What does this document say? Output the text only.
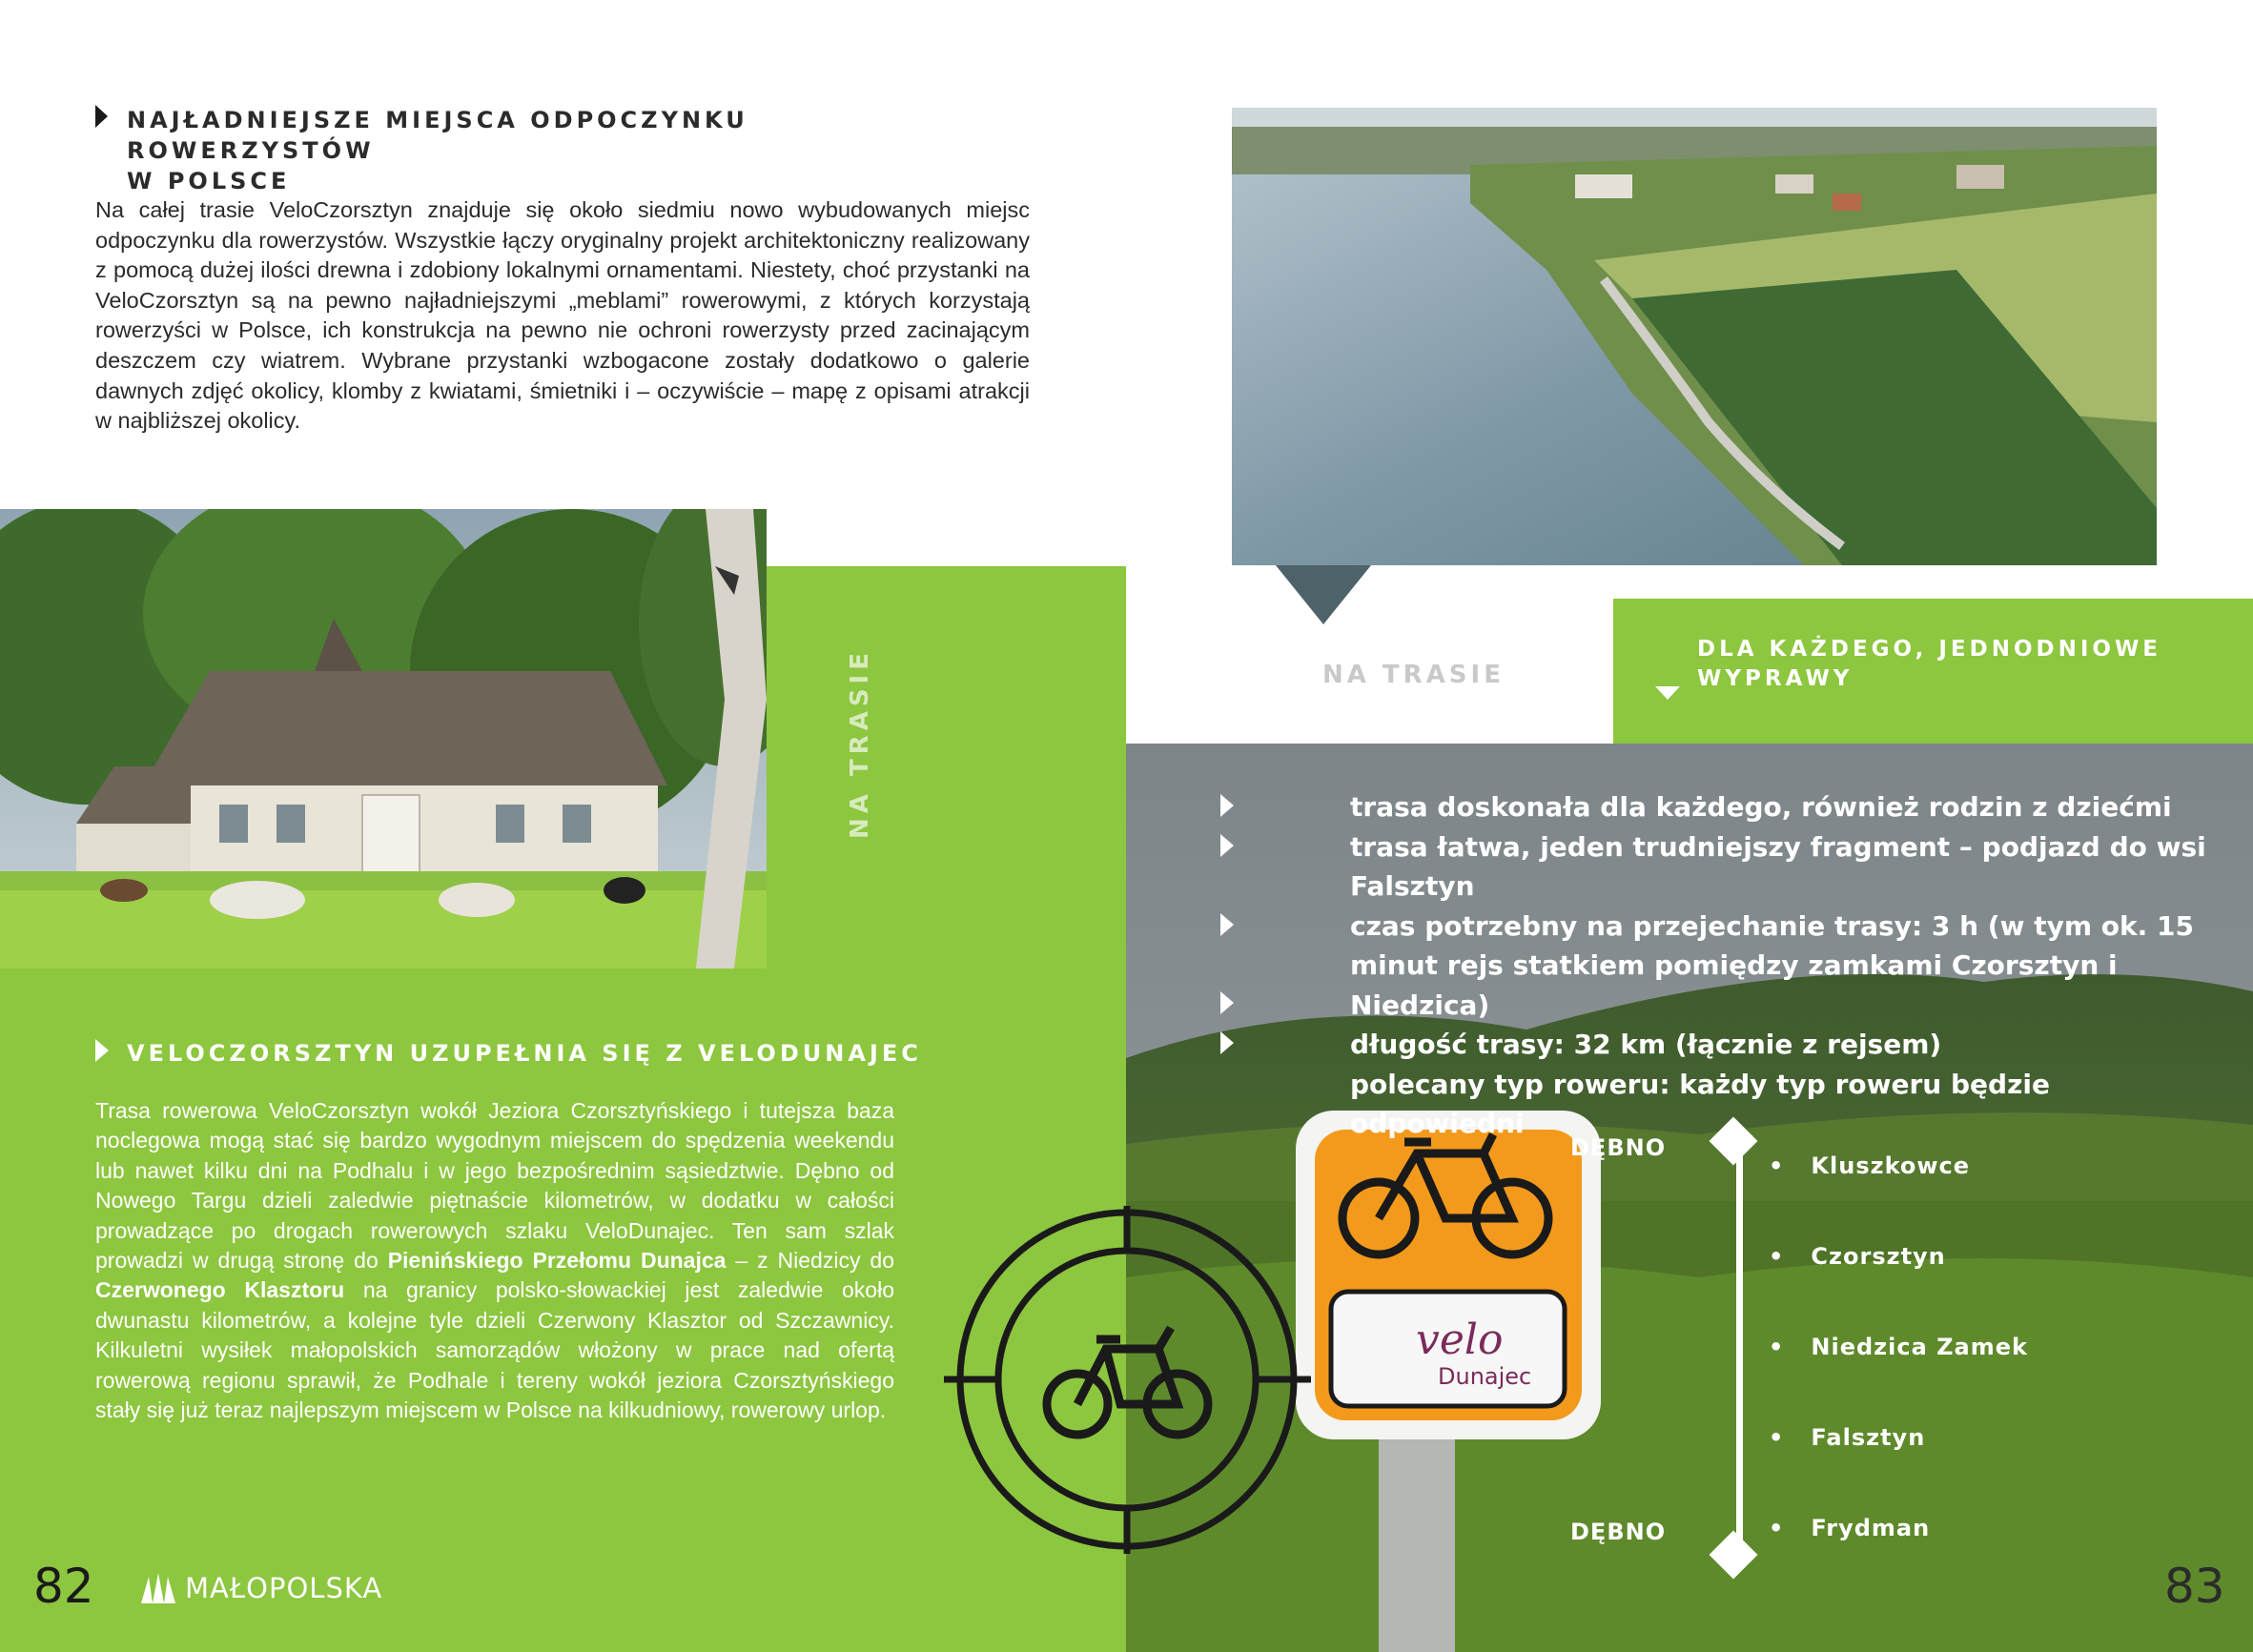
NAJŁADNIEJSZE MIEJSCA ODPOCZYNKU ROWERZYSTÓW
W POLSCE
Na całej trasie VeloCzorsztyn znajduje się około siedmiu nowo wybudowanych miejsc odpoczynku dla rowerzystów. Wszystkie łączy oryginalny projekt architektoniczny realizowany z pomocą dużej ilości drewna i zdobiony lokalnymi ornamentami. Niestety, choć przystanki na VeloCzorsztyn są na pewno najładniejszymi „meblami” rowerowymi, z których korzystają rowerzyści w Polsce, ich konstrukcja na pewno nie ochroni rowerzysty przed zacinającym deszczem czy wiatrem. Wybrane przystanki wzbogacone zostały dodatkowo o galerie dawnych zdjęć okolicy, klomby z kwiatami, śmietniki i – oczywiście – mapę z opisami atrakcji w najbliższej okolicy.
NA TRASIE
VELOCZORSZTYN UZUPEŁNIA SIĘ Z VELODUNAJEC
Trasa rowerowa VeloCzorsztyn wokół Jeziora Czorsztyńskiego i tutejsza baza noclegowa mogą stać się bardzo wygodnym miejscem do spędzenia weekendu lub nawet kilku dni na Podhalu i w jego bezpośrednim sąsiedztwie. Dębno od Nowego Targu dzieli zaledwie piętnaście kilometrów, w dodatku w całości prowadzące po drogach rowerowych szlaku VeloDunajec. Ten sam szlak prowadzi w drugą stronę do Pienińskiego Przełomu Dunajca – z Niedzicy do Czerwonego Klasztoru na granicy polsko-słowackiej jest zaledwie około dwunastu kilometrów, a kolejne tyle dzieli Czerwony Klasztor od Szczawnicy. Kilkuletni wysiłek małopolskich samorządów włożony w prace nad ofertą rowerową regionu sprawił, że Podhale i tereny wokół jeziora Czorsztyńskiego stały się już teraz najlepszym miejscem w Polsce na kilkudniowy, rowerowy urlop.
82	MAŁOPOLSKA
NA TRASIE
DLA KAŻDEGO, JEDNODNIOWE
WYPRAWY
velo
Dunajec
trasa doskonała dla każdego, również rodzin z dziećmi
trasa łatwa, jeden trudniejszy fragment – podjazd do wsi
Falsztyn
czas potrzebny na przejechanie trasy: 3 h (w tym ok. 15
minut rejs statkiem pomiędzy zamkami Czorsztyn i Niedzica)
długość trasy: 32 km (łącznie z rejsem)
polecany typ roweru: każdy typ roweru będzie odpowiedni
DĘBNO
DĘBNO
•   Kluszkowce
•   Czorsztyn
•   Niedzica Zamek
•   Falsztyn
•   Frydman
83
